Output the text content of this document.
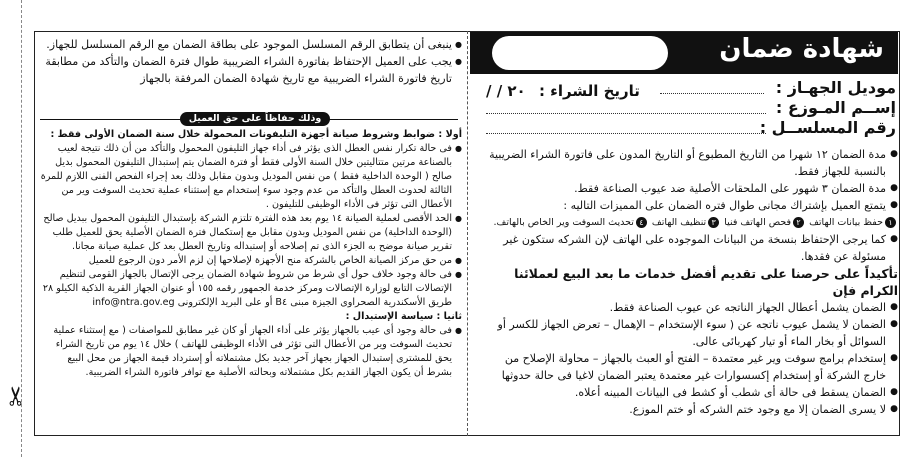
✂
شهادة ضمان
موديل الجهـاز :
تاريخ الشراء : ٢٠ / /
إســم المـوزع :
رقم المسلســل :
● مدة الضمان ١٢ شهرا من التاريخ المطبوع أو التاريخ المدون على فاتورة الشراء الضريبية بالنسبة للجهاز فقط.
● مدة الضمان ٣ شهور على الملحقات الأصلية ضد عيوب الصناعة فقط.
● يتمتع العميل بإشتراك مجانى طوال فتره الضمان على المميزات التاليه :
١حفظ بيانات الهاتف ٢فحص الهاتف فنيا ٣تنظيف الهاتف ٤تحديث السوفت وير الخاص بالهاتف.
● كما يرجى الإحتفاظ بنسخة من البيانات الموجوده على الهاتف لإن الشركه ستكون غير مسئولة عن فقدها.
تأكيداً على حرصنا على تقديم أفضل خدمات ما بعد البيع لعملائنا الكرام فإن
● الضمان يشمل أعطال الجهاز الناتجه عن عيوب الصناعة فقط.
● الضمان لا يشمل عيوب ناتجه عن ( سوء الإستخدام – الإهمال – تعرض الجهاز للكسر أو السوائل أو بخار الماء أو تيار كهربائى عالى.
● إستخدام برامج سوفت وير غير معتمدة – الفتح أو العبث بالجهاز – محاولة الإصلاح من خارج الشركة أو إستخدام إكسسوارات غير معتمدة يعتبر الضمان لاغيا فى حالة حدوثها
● الضمان يسقط فى حالة أى شطب أو كشط فى البيانات المبينه أعلاه.
● لا يسرى الضمان إلا مع وجود ختم الشركه أو ختم الموزع.
● ينبغى أن يتطابق الرقم المسلسل الموجود على بطاقة الضمان مع الرقم المسلسل للجهاز.
● يجب على العميل الإحتفاظ بفاتورة الشراء الضريبية طوال فترة الضمان والتأكد من مطابقة تاريخ فاتورة الشراء الضريبية مع تاريخ شهادة الضمان المرفقة بالجهاز
وذلك حفاظاً على حق العميل
أولا : ضوابط وشروط صيانة أجهزة التليفونات المحمولة خلال سنة الضمان الأولى فقط :
● فى حالة تكرار نفس العطل الذى يؤثر فى أداء جهاز التليفون المحمول والتأكد من أن ذلك نتيجة لعيب بالصناعة مرتين متتاليتين خلال السنة الأولى فقط أو فترة الضمان يتم إستبدال التليفون المحمول بديل صالح ( الوحدة الداخلية فقط ) من نفس الموديل وبدون مقابل وذلك بعد إجراء الفحص الفنى اللازم للمرة الثالثة لحدوث العطل والتأكد من عدم وجود سوء إستخدام مع إستثناء عملية تحديث السوفت وير من الأعطال التى تؤثر فى الأداء الوظيفى للتليفون .
● الحد الأقصى لعملية الصيانة ١٤ يوم بعد هذه الفترة تلتزم الشركة بإستبدال التليفون المحمول ببديل صالح (الوحدة الداخلية) من نفس الموديل وبدون مقابل مع إستكمال فترة الضمان الأصلية يحق للعميل طلب تقرير صيانة موضح به الجزء الذى تم إصلاحه أو إستبداله وتاريخ العطل بعد كل عملية صيانة مجانا.
● من حق مركز الصيانة الخاص بالشركة منح الأجهزة لإصلاحها إن لزم الأمر دون الرجوع للعميل
● فى حالة وجود خلاف حول أى شرط من شروط شهادة الضمان يرجى الإتصال بالجهاز القومى لتنظيم الإتصالات التابع لوزارة الإتصالات ومركز خدمة الجمهور رقمه ١٥٥ أو عنوان الجهاز القرية الذكية الكيلو ٢٨ طريق الأسكندرية الصحراوى الجيزة مبنى B٤ أو على البريد الإلكترونى info@ntra.gov.eg
ثانيا : سياسة الإستبدال :
● فى حالة وجود أى عيب بالجهاز يؤثر على أداء الجهاز أو كان غير مطابق للمواصفات ( مع إستثناء عملية تحديث السوفت وير من الأعطال التى تؤثر فى الأداء الوظيفى للهاتف ) خلال ١٤ يوم من تاريخ الشراء يحق للمشترى إستبدال الجهاز بجهاز آخر جديد بكل مشتملاته أو إسترداد قيمة الجهاز من محل البيع بشرط أن يكون الجهاز القديم بكل مشتملاته وبحالته الأصلية مع توافر فاتورة الشراء الضريبية.
